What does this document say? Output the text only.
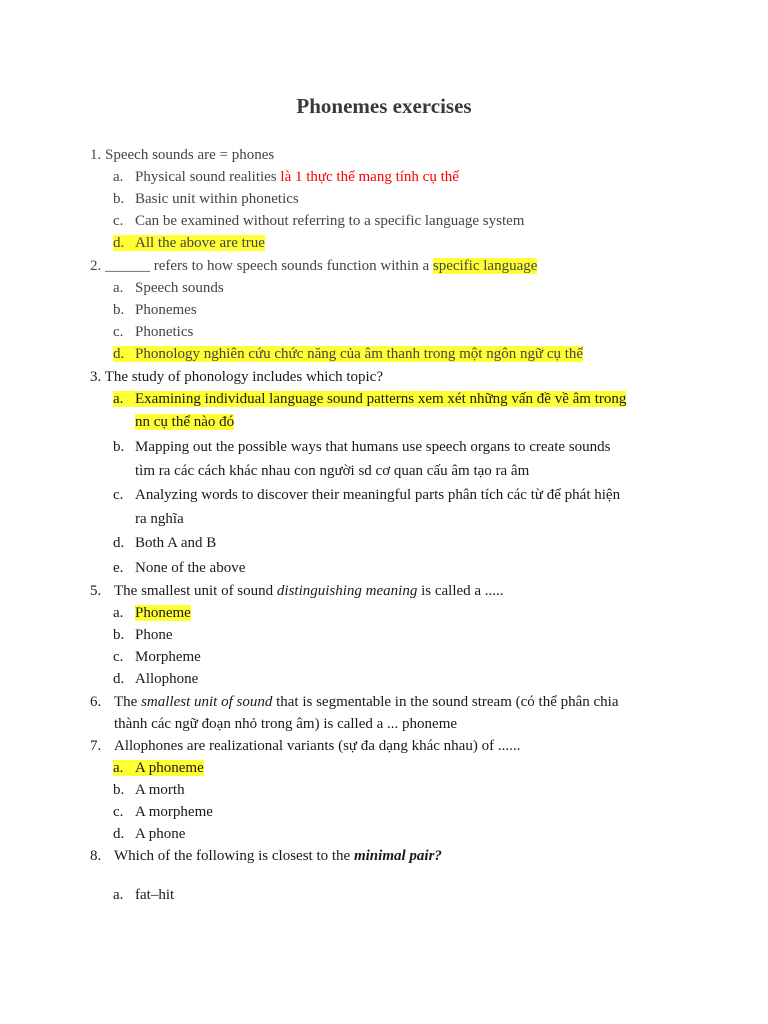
Phonemes exercises
1. Speech sounds are = phones
a. Physical sound realities là 1 thực thể mang tính cụ thể
b. Basic unit within phonetics
c. Can be examined without referring to a specific language system
d. All the above are true
2. ______ refers to how speech sounds function within a specific language
a. Speech sounds
b. Phonemes
c. Phonetics
d. Phonology nghiên cứu chức năng của âm thanh trong một ngôn ngữ cụ thể
3. The study of phonology includes which topic?
a. Examining individual language sound patterns xem xét những vấn đề về âm trong
nn cụ thể nào đó
b. Mapping out the possible ways that humans use speech organs to create sounds
tìm ra các cách khác nhau con người sd cơ quan cấu âm tạo ra âm
c. Analyzing words to discover their meaningful parts phân tích các từ để phát hiện
ra nghĩa
d. Both A and B
e. None of the above
5. The smallest unit of sound distinguishing meaning is called a .....
a. Phoneme
b. Phone
c. Morpheme
d. Allophone
6. The smallest unit of sound that is segmentable in the sound stream (có thể phân chia
thành các ngữ đoạn nhỏ trong âm) is called a ... phoneme
7. Allophones are realizational variants (sự đa dạng khác nhau) of ......
a. A phoneme
b. A morth
c. A morpheme
d. A phone
8. Which of the following is closest to the minimal pair?
a. fat–hit
